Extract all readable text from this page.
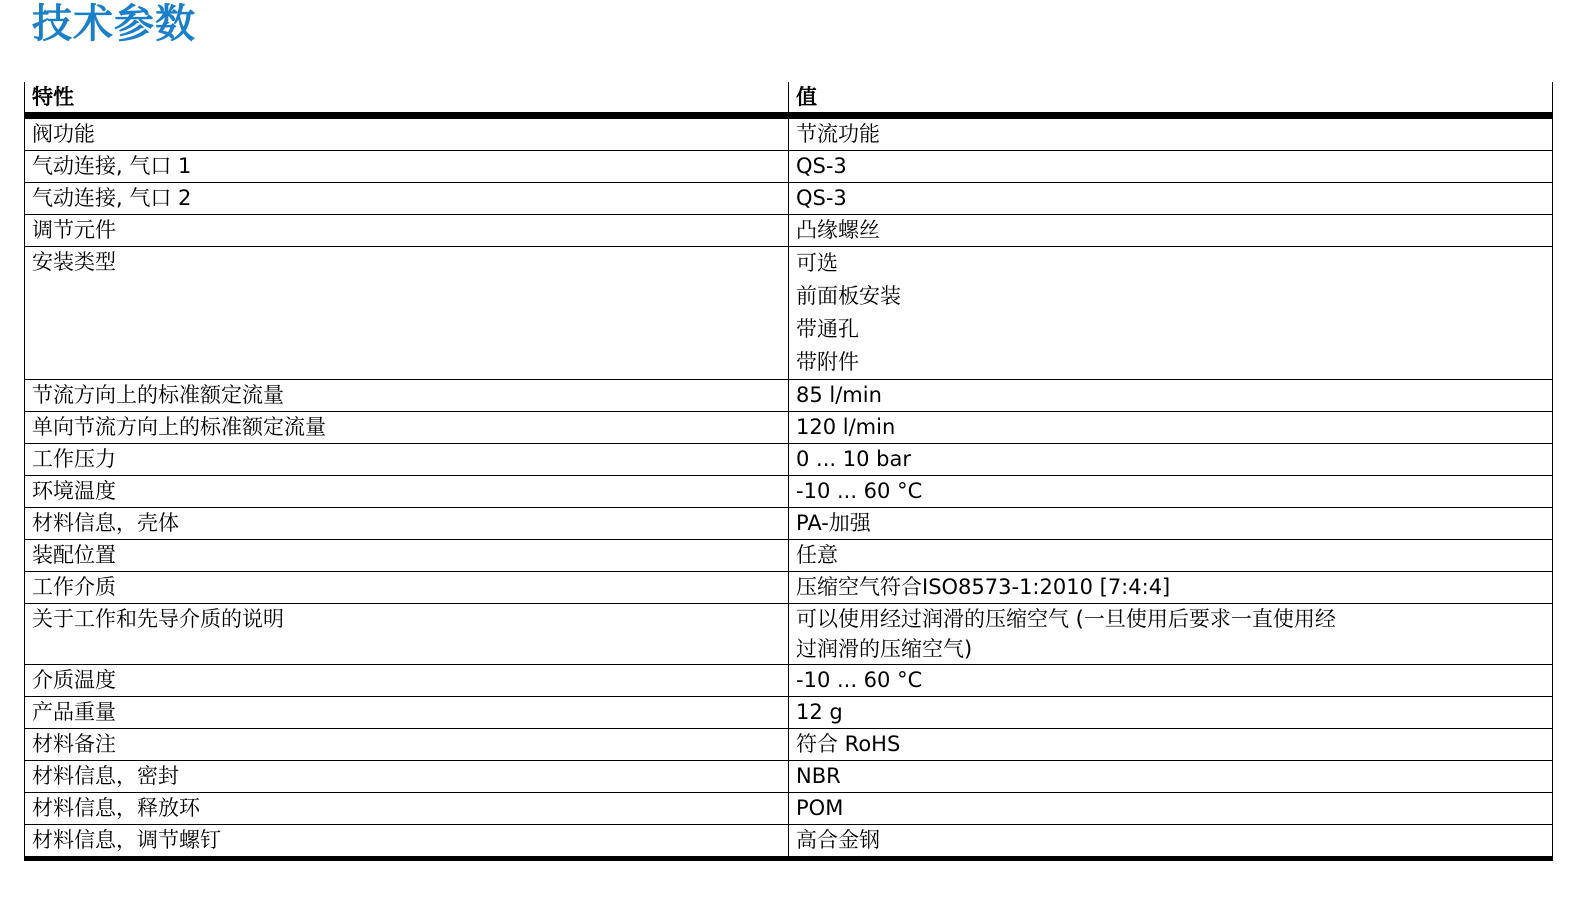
技术参数
特性	值
阀功能	节流功能
气动连接, 气口 1	QS-3
气动连接, 气口 2	QS-3
调节元件	凸缘螺丝
安装类型	可选
前面板安装
带通孔
带附件

节流方向上的标准额定流量	85 l/min
单向节流方向上的标准额定流量	120 l/min
工作压力	0 ... 10 bar
环境温度	-10 ... 60 °C
材料信息，壳体	PA-加强
装配位置	任意
工作介质	压缩空气符合ISO8573-1:2010 [7:4:4]
关于工作和先导介质的说明	可以使用经过润滑的压缩空气 (一旦使用后要求一直使用经
过润滑的压缩空气)

介质温度	-10 ... 60 °C
产品重量	12 g
材料备注	符合 RoHS
材料信息，密封	NBR
材料信息，释放环	POM
材料信息，调节螺钉	高合金钢
